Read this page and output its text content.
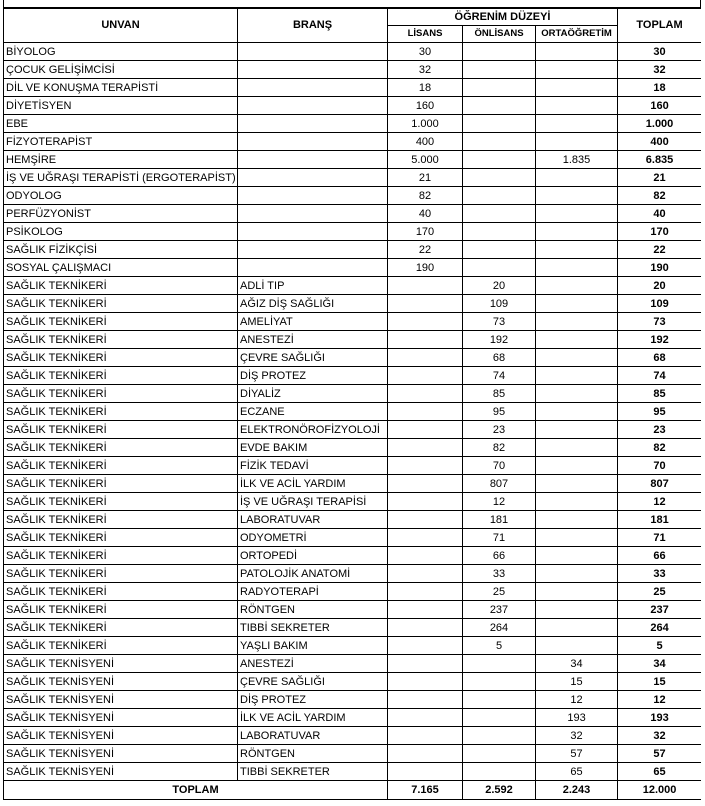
UNVAN	BRANŞ	ÖĞRENİM DÜZEYİ			TOPLAM
		LİSANS	ÖNLİSANS	ORTAÖĞRETİM	
BİYOLOG		30			30
ÇOCUK GELİŞİMCİSİ		32			32
DİL VE KONUŞMA TERAPİSTİ		18			18
DİYETİSYEN		160			160
EBE		1.000			1.000
FİZYOTERAPİST		400			400
HEMŞİRE		5.000		1.835	6.835
İŞ VE UĞRAŞI TERAPİSTİ (ERGOTERAPİST)		21			21
ODYOLOG		82			82
PERFÜZYONİST		40			40
PSİKOLOG		170			170
SAĞLIK FİZİKÇİSİ		22			22
SOSYAL ÇALIŞMACI		190			190
SAĞLIK TEKNİKERİ	ADLİ TIP		20		20
SAĞLIK TEKNİKERİ	AĞIZ DİŞ SAĞLIĞI		109		109
SAĞLIK TEKNİKERİ	AMELİYAT		73		73
SAĞLIK TEKNİKERİ	ANESTEZİ		192		192
SAĞLIK TEKNİKERİ	ÇEVRE SAĞLIĞI		68		68
SAĞLIK TEKNİKERİ	DİŞ PROTEZ		74		74
SAĞLIK TEKNİKERİ	DİYALİZ		85		85
SAĞLIK TEKNİKERİ	ECZANE		95		95
SAĞLIK TEKNİKERİ	ELEKTRONÖROFİZYOLOJİ		23		23
SAĞLIK TEKNİKERİ	EVDE BAKIM		82		82
SAĞLIK TEKNİKERİ	FİZİK TEDAVİ		70		70
SAĞLIK TEKNİKERİ	İLK VE ACİL YARDIM		807		807
SAĞLIK TEKNİKERİ	İŞ VE UĞRAŞI TERAPİSİ		12		12
SAĞLIK TEKNİKERİ	LABORATUVAR		181		181
SAĞLIK TEKNİKERİ	ODYOMETRİ		71		71
SAĞLIK TEKNİKERİ	ORTOPEDİ		66		66
SAĞLIK TEKNİKERİ	PATOLOJİK ANATOMİ		33		33
SAĞLIK TEKNİKERİ	RADYOTERAPİ		25		25
SAĞLIK TEKNİKERİ	RÖNTGEN		237		237
SAĞLIK TEKNİKERİ	TIBBİ SEKRETER		264		264
SAĞLIK TEKNİKERİ	YAŞLI BAKIM		5		5
SAĞLIK TEKNİSYENİ	ANESTEZİ			34	34
SAĞLIK TEKNİSYENİ	ÇEVRE SAĞLIĞI			15	15
SAĞLIK TEKNİSYENİ	DİŞ PROTEZ			12	12
SAĞLIK TEKNİSYENİ	İLK VE ACİL YARDIM			193	193
SAĞLIK TEKNİSYENİ	LABORATUVAR			32	32
SAĞLIK TEKNİSYENİ	RÖNTGEN			57	57
SAĞLIK TEKNİSYENİ	TIBBİ SEKRETER			65	65
TOPLAM		7.165	2.592	2.243	12.000
